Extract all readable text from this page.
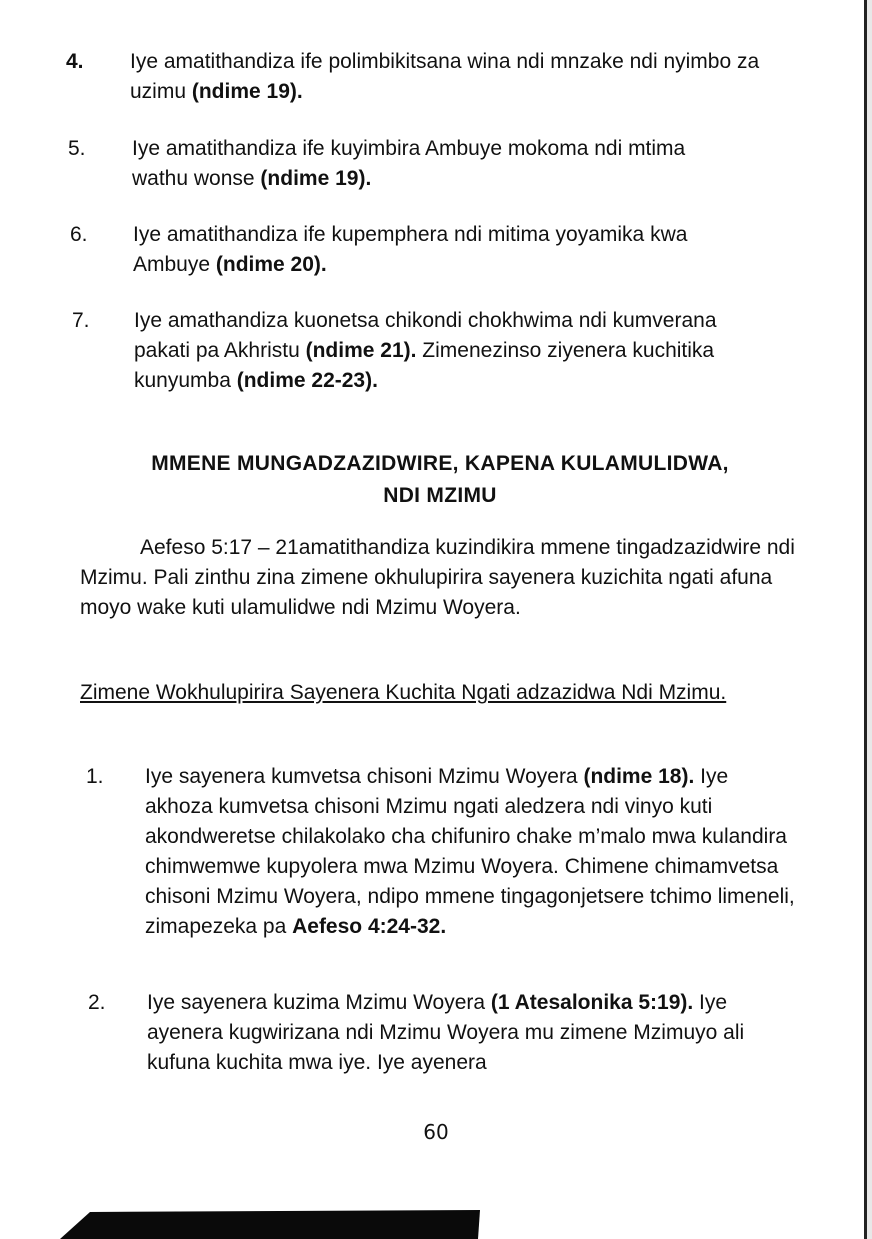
4.	Iye amatithandiza ife polimbikitsana wina ndi mnzake ndi nyimbo za uzimu (ndime 19).
5.	Iye amatithandiza ife kuyimbira Ambuye mokoma ndi mtima wathu wonse (ndime 19).
6.	Iye amatithandiza ife kupemphera ndi mitima yoyamika kwa Ambuye (ndime 20).
7.	Iye amathandiza kuonetsa chikondi chokhwima ndi kumverana pakati pa Akhristu (ndime 21). Zimenezinso ziyenera kuchitika kunyumba (ndime 22-23).
MMENE MUNGADZAZIDWIRE, KAPENA KULAMULIDWA,
NDI MZIMU
Aefeso 5:17 – 21amatithandiza kuzindikira mmene tingadzazidwire ndi Mzimu. Pali zinthu zina zimene okhulupirira sayenera kuzichita ngati afuna moyo wake kuti ulamulidwe ndi Mzimu Woyera.
Zimene Wokhulupirira Sayenera Kuchita Ngati adzazidwa Ndi Mzimu.
1.	Iye sayenera kumvetsa chisoni Mzimu Woyera (ndime 18). Iye akhoza kumvetsa chisoni Mzimu ngati aledzera ndi vinyo kuti akondweretse chilakolako cha chifuniro chake m’malo mwa kulandira chimwemwe kupyolera mwa Mzimu Woyera. Chimene chimamvetsa chisoni Mzimu Woyera, ndipo mmene tingagonjetsere tchimo limeneli, zimapezeka pa Aefeso 4:24-32.
2.	Iye sayenera kuzima Mzimu Woyera (1 Atesalonika 5:19). Iye ayenera kugwirizana ndi Mzimu Woyera mu zimene Mzimuyo ali kufuna kuchita mwa iye. Iye ayenera
60
